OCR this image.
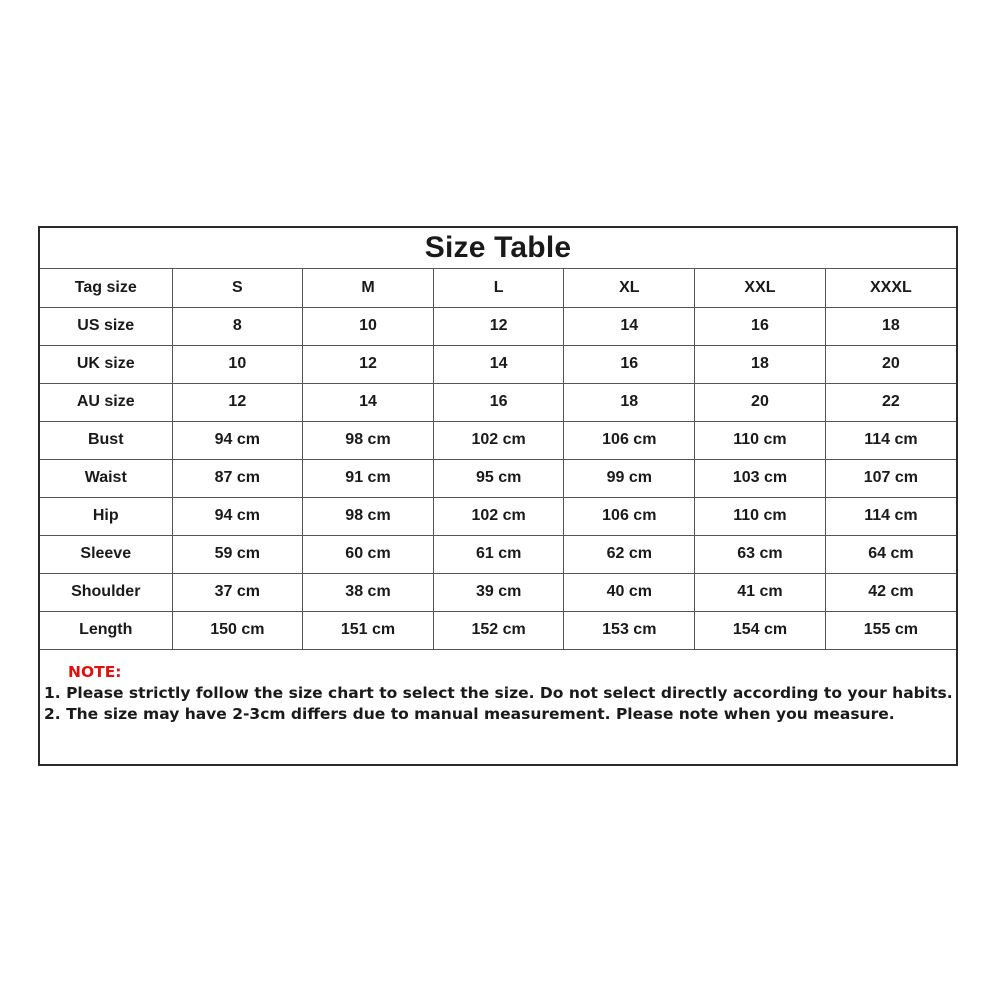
Size Table
Tag size	S	M	L	XL	XXL	XXXL
US size	8	10	12	14	16	18
UK size	10	12	14	16	18	20
AU size	12	14	16	18	20	22
Bust	94 cm	98 cm	102 cm	106 cm	110 cm	114 cm
Waist	87 cm	91 cm	95 cm	99 cm	103 cm	107 cm
Hip	94 cm	98 cm	102 cm	106 cm	110 cm	114 cm
Sleeve	59 cm	60 cm	61 cm	62 cm	63 cm	64 cm
Shoulder	37 cm	38 cm	39 cm	40 cm	41 cm	42 cm
Length	150 cm	151 cm	152 cm	153 cm	154 cm	155 cm
NOTE:
1. Please strictly follow the size chart to select the size. Do not select directly according to your habits.
2. The size may have 2-3cm differs due to manual measurement. Please note when you measure.
